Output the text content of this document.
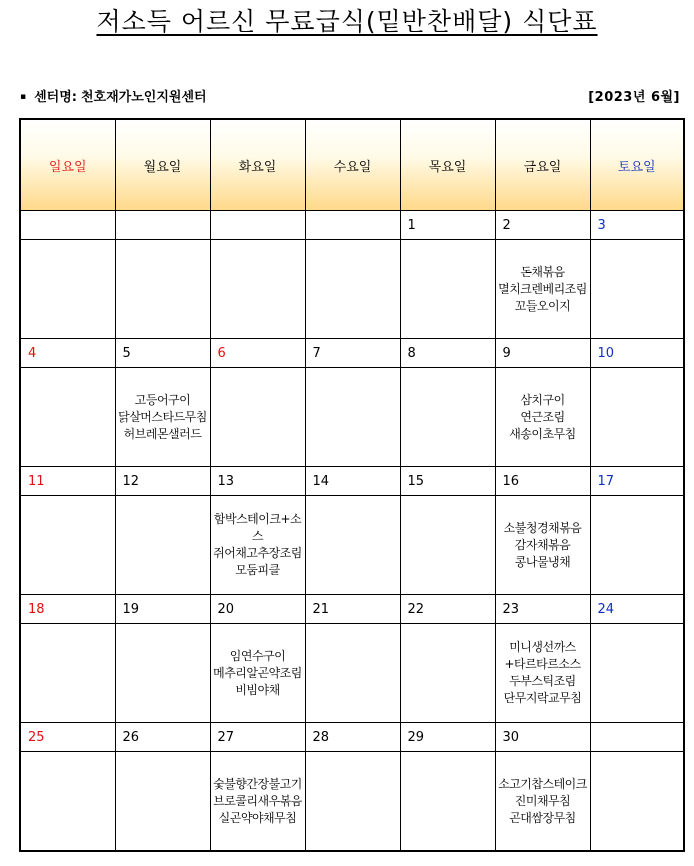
저소득 어르신 무료급식(밑반찬배달) 식단표
▪ 센터명: 천호재가노인지원센터	[2023년 6월]
일요일	월요일	화요일	수요일	목요일	금요일	토요일
				1	2	3
					돈채볶음
멸치크렌베리조림
꼬들오이지	
4	5	6	7	8	9	10
	고등어구이
닭살머스타드무침
허브레몬샐러드				삼치구이
연근조림
새송이초무침	
11	12	13	14	15	16	17
		함박스테이크+소스
쥐어채고추장조림
모둠피클			소불청경채볶음
감자채볶음
콩나물냉채	
18	19	20	21	22	23	24
		임연수구이
메추리알곤약조림
비빔야채			미니생선까스
+타르타르소스
두부스틱조림
단무지락교무침	
25	26	27	28	29	30	
		숯불향간장불고기
브로콜리새우볶음
실곤약야채무침			소고기찹스테이크
진미채무침
곤대쌈장무침	
